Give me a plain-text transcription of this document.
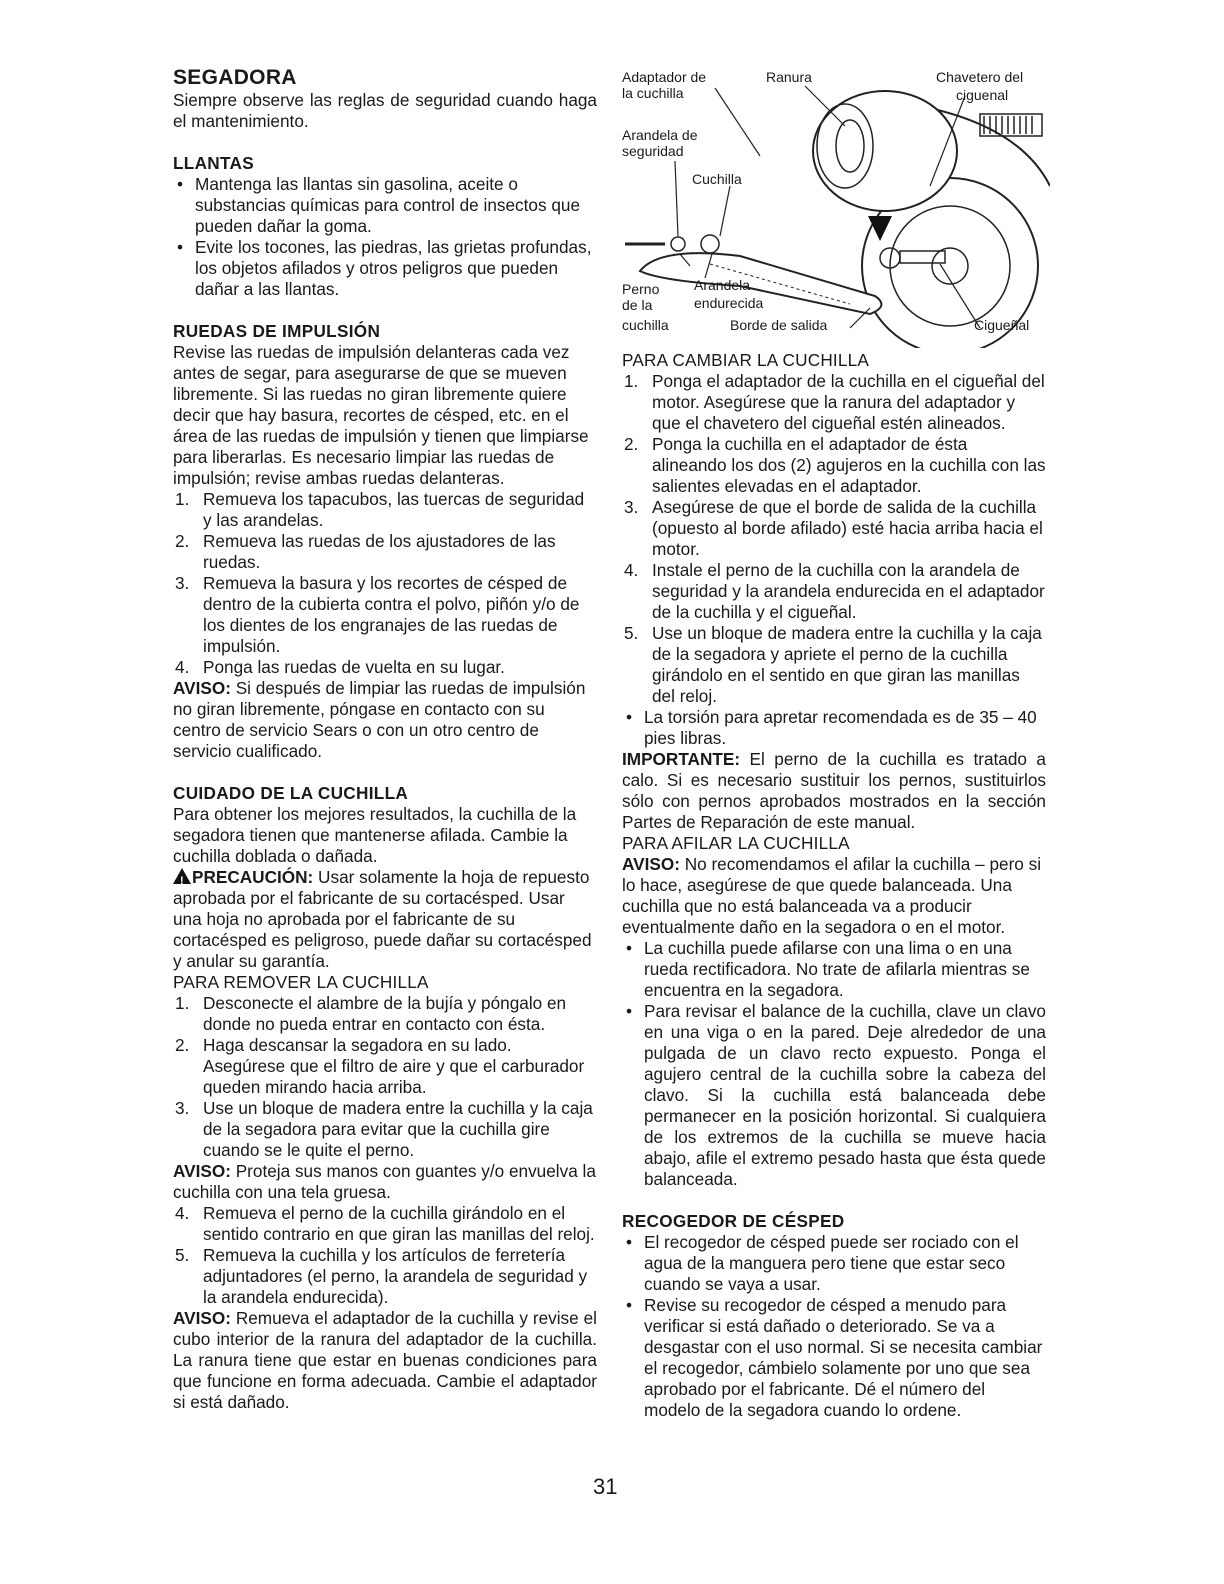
SEGADORA

Siempre observe las reglas de seguridad cuando haga el mantenimiento.

LLANTAS
• Mantenga las llantas sin gasolina, aceite o substancias químicas para control de insectos que pueden dañar la goma.
• Evite los tocones, las piedras, las grietas profundas, los objetos afilados y otros peligros que pueden dañar a las llantas.
RUEDAS DE IMPULSIÓN

Revise las ruedas de impulsión delanteras cada vez antes de segar, para asegurarse de que se mueven libremente. Si las ruedas no giran libremente quiere decir que hay basura, recortes de césped, etc. en el área de las ruedas de impulsión y tienen que limpiarse para liberarlas. Es necesario limpiar las ruedas de impulsión; revise ambas ruedas delanteras.

1. Remueva los tapacubos, las tuercas de seguridad y las arandelas.
2. Remueva las ruedas de los ajustadores de las ruedas.
3. Remueva la basura y los recortes de césped de dentro de la cubierta contra el polvo, piñón y/o de los dientes de los engranajes de las ruedas de impulsión.
4. Ponga las ruedas de vuelta en su lugar.

AVISO: Si después de limpiar las ruedas de impulsión no giran libremente, póngase en contacto con su centro de servicio Sears o con un otro centro de servicio cualificado.

CUIDADO DE LA CUCHILLA

Para obtener los mejores resultados, la cuchilla de la segadora tienen que mantenerse afilada. Cambie la cuchilla doblada o dañada.

!PRECAUCIÓN: Usar solamente la hoja de repuesto aprobada por el fabricante de su cortacésped. Usar una hoja no aprobada por el fabricante de su cortacésped es peligroso, puede dañar su cortacésped y anular su garantía.

PARA REMOVER LA CUCHILLA

1. Desconecte el alambre de la bujía y póngalo en donde no pueda entrar en contacto con ésta.
2. Haga descansar la segadora en su lado. Asegúrese que el filtro de aire y que el carburador queden mirando hacia arriba.
3. Use un bloque de madera entre la cuchilla y la caja de la segadora para evitar que la cuchilla gire cuando se le quite el perno.

AVISO: Proteja sus manos con guantes y/o envuelva la cuchilla con una tela gruesa.

4. Remueva el perno de la cuchilla girándolo en el sentido contrario en que giran las manillas del reloj.
5. Remueva la cuchilla y los artículos de ferretería adjuntadores (el perno, la arandela de seguridad y la arandela endurecida).

AVISO: Remueva el adaptador de la cuchilla y revise el cubo interior de la ranura del adaptador de la cuchilla. La ranura tiene que estar en buenas condiciones para que funcione en forma adecuada. Cambie el adaptador si está dañado.

Adaptador de
la cuchilla
Ranura	Chavetero del
ciguenal
Arandela de
seguridad
Cuchilla
Perno
de la
cuchilla
Arandela
endurecida
Borde de salida	Cigueñal

PARA CAMBIAR LA CUCHILLA

1. Ponga el adaptador de la cuchilla en el cigueñal del motor. Asegúrese que la ranura del adaptador y que el chavetero del cigueñal estén alineados.
2. Ponga la cuchilla en el adaptador de ésta alineando los dos (2) agujeros en la cuchilla con las salientes elevadas en el adaptador.
3. Asegúrese de que el borde de salida de la cuchilla (opuesto al borde afilado) esté hacia arriba hacia el motor.
4. Instale el perno de la cuchilla con la arandela de seguridad y la arandela endurecida en el adaptador de la cuchilla y el cigueñal.
5. Use un bloque de madera entre la cuchilla y la caja de la segadora y apriete el perno de la cuchilla girándolo en el sentido en que giran las manillas del reloj.
• La torsión para apretar recomendada es de 35 – 40 pies libras.

IMPORTANTE: El perno de la cuchilla es tratado a calo. Si es necesario sustituir los pernos, sustituirlos sólo con pernos aprobados mostrados en la sección Partes de Reparación de este manual.

PARA AFILAR LA CUCHILLA

AVISO: No recomendamos el afilar la cuchilla – pero si lo hace, asegúrese de que quede balanceada. Una cuchilla que no está balanceada va a producir eventualmente daño en la segadora o en el motor.

• La cuchilla puede afilarse con una lima o en una rueda rectificadora. No trate de afilarla mientras se encuentra en la segadora.
• Para revisar el balance de la cuchilla, clave un clavo en una viga o en la pared. Deje alrededor de una pulgada de un clavo recto expuesto. Ponga el agujero central de la cuchilla sobre la cabeza del clavo. Si la cuchilla está balanceada debe permanecer en la posición horizontal. Si cualquiera de los extremos de la cuchilla se mueve hacia abajo, afile el extremo pesado hasta que ésta quede balanceada.
RECOGEDOR DE CÉSPED
• El recogedor de césped puede ser rociado con el agua de la manguera pero tiene que estar seco cuando se vaya a usar.
• Revise su recogedor de césped a menudo para verificar si está dañado o deteriorado. Se va a desgastar con el uso normal. Si se necesita cambiar el recogedor, cámbielo solamente por uno que sea aprobado por el fabricante. Dé el número del modelo de la segadora cuando lo ordene.
31
